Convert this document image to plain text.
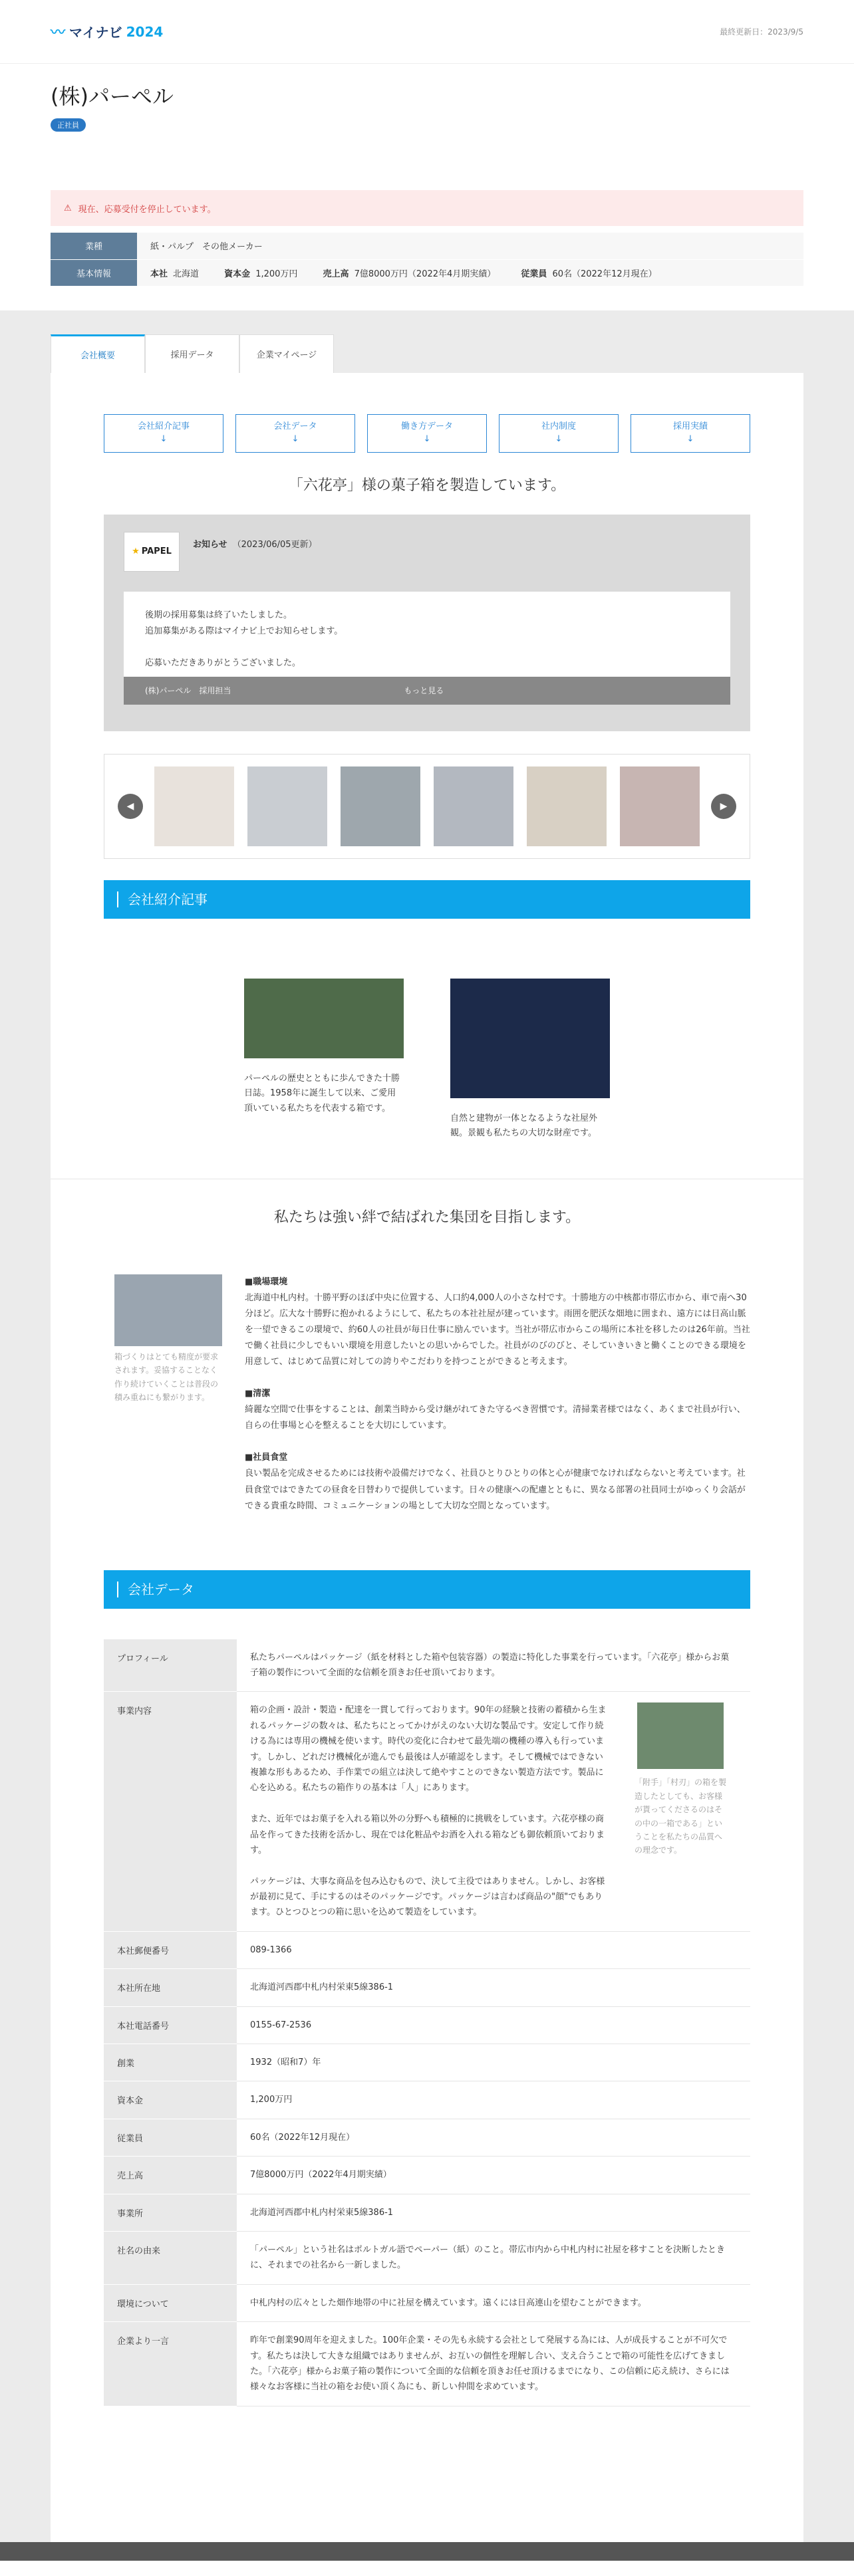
〰 マイナビ 2024	最終更新日：2023/9/5
(株)パーペル
正社員
⚠ 現在、応募受付を停止しています。
業種	紙・パルプ　その他メーカー
基本情報	本社 北海道 資本金 1,200万円 売上高 7億8000万円（2022年4月期実績） 従業員 60名（2022年12月現在）
会社概要	採用データ	企業マイページ
会社紹介記事
↓
会社データ
↓
働き方データ
↓
社内制度
↓
採用実績
↓
「六花亭」様の菓子箱を製造しています。
★ PAPEL
お知らせ （2023/06/05更新）
後期の採用募集は終了いたしました。
追加募集がある際はマイナビ上でお知らせします。
応募いただきありがとうございました。
(株)パーペル　採用担当	もっと見る
◀	▶
会社紹介記事

パーペルの歴史とともに歩んできた十勝日誌。1958年に誕生して以来、ご愛用頂いている私たちを代表する箱です。

自然と建物が一体となるような社屋外観。景観も私たちの大切な財産です。

私たちは強い絆で結ばれた集団を目指します。

箱づくりはとても精度が要求されます。妥協することなく作り続けていくことは普段の積み重ねにも繋がります。

■職場環境
北海道中札内村。十勝平野のほぼ中央に位置する、人口約4,000人の小さな村です。十勝地方の中核都市帯広市から、車で南へ30分ほど。広大な十勝野に抱かれるようにして、私たちの本社社屋が建っています。雨囲を肥沃な畑地に囲まれ、遠方には日高山脈を一望できるこの環境で、約60人の社員が毎日仕事に励んでいます。当社が帯広市からこの場所に本社を移したのは26年前。当社で働く社員に少しでもいい環境を用意したいとの思いからでした。社員がのびのびと、そしていきいきと働くことのできる環境を用意して、はじめて品質に対しての誇りやこだわりを持つことができると考えます。
■清潔
綺麗な空間で仕事をすることは、創業当時から受け継がれてきた守るべき習慣です。清掃業者様ではなく、あくまで社員が行い、自らの仕事場と心を整えることを大切にしています。
■社員食堂
良い製品を完成させるためには技術や設備だけでなく、社員ひとりひとりの体と心が健康でなければならないと考えています。社員食堂ではできたての昼食を日替わりで提供しています。日々の健康への配慮とともに、異なる部署の社員同士がゆっくり会話ができる貴重な時間、コミュニケーションの場として大切な空間となっています。
会社データ
プロフィール	私たちパーペルはパッケージ（紙を材料とした箱や包装容器）の製造に特化した事業を行っています。「六花亭」様からお菓子箱の製作について全面的な信頼を頂きお任せ頂いております。
事業内容	箱の企画・設計・製造・配達を一貫して行っております。90年の経験と技術の蓄積から生まれるパッケージの数々は、私たちにとってかけがえのない大切な製品です。安定して作り続ける為には専用の機械を使います。時代の変化に合わせて最先端の機種の導入も行っています。しかし、どれだけ機械化が進んでも最後は人が確認をします。そして機械ではできない複雑な形もあるため、手作業での組立は決して絶やすことのできない製造方法です。製品に心を込める。私たちの箱作りの基本は「人」にあります。

また、近年ではお菓子を入れる箱以外の分野へも積極的に挑戦をしています。六花亭様の商品を作ってきた技術を活かし、現在では化粧品やお酒を入れる箱なども御依頼頂いております。

パッケージは、大事な商品を包み込むもので、決して主役ではありません。しかし、お客様が最初に見て、手にするのはそのパッケージです。パッケージは言わば商品の"顔"でもあります。ひとつひとつの箱に思いを込めて製造をしています。

「附手」「村刃」の箱を製造したとしても、お客様が貰ってくださるのはその中の一箱である」ということを私たちの品質への理念です。

本社郵便番号	089-1366
本社所在地	北海道河西郡中札内村栄東5線386-1
本社電話番号	0155-67-2536
創業	1932（昭和7）年
資本金	1,200万円
従業員	60名（2022年12月現在）
売上高	7億8000万円（2022年4月期実績）
事業所	北海道河西郡中札内村栄東5線386-1
社名の由来	「パーペル」という社名はポルトガル語でペーパー（紙）のこと。帯広市内から中札内村に社屋を移すことを決断したときに、それまでの社名から一新しました。
環境について	中札内村の広々とした畑作地帯の中に社屋を構えています。遠くには日高連山を望むことができます。
企業より一言	昨年で創業90周年を迎えました。100年企業・その先も永続する会社として発展する為には、人が成長することが不可欠です。私たちは決して大きな組織ではありませんが、お互いの個性を理解し合い、支え合うことで箱の可能性を広げてきました。「六花亭」様からお菓子箱の製作について全面的な信頼を頂きお任せ頂けるまでになり、この信頼に応え続け、さらには様々なお客様に当社の箱をお使い頂く為にも、新しい仲間を求めています。
